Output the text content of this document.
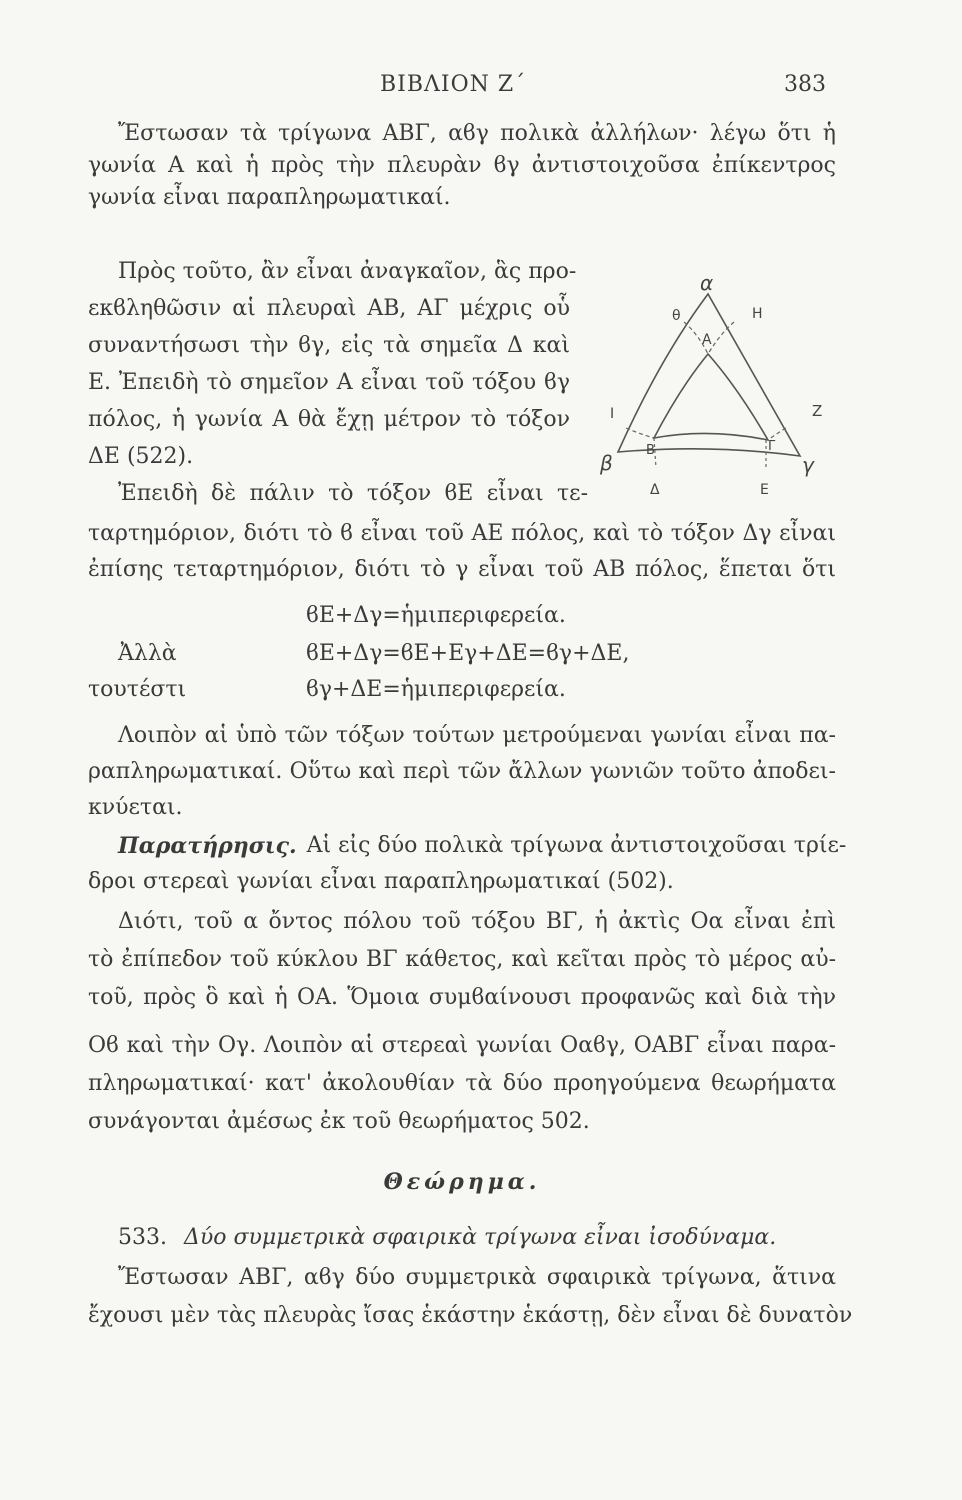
ΒΙΒΛΙΟΝ Ζ΄	383
Ἔστωσαν τὰ τρίγωνα ΑΒΓ, αϐγ πολικὰ ἀλλήλων· λέγω ὅτι ἡ
γωνία Α καὶ ἡ πρὸς τὴν πλευρὰν ϐγ ἀντιστοιχοῦσα ἐπίκεντρος
γωνία εἶναι παραπληρωματικαί.
Πρὸς τοῦτο, ἂν εἶναι ἀναγκαῖον, ἃς προ-
εκϐληθῶσιν αἱ πλευραὶ ΑΒ, ΑΓ μέχρις οὗ
συναντήσωσι τὴν ϐγ, εἰς τὰ σημεῖα Δ καὶ
Ε. Ἐπειδὴ τὸ σημεῖον Α εἶναι τοῦ τόξου ϐγ
πόλος, ἡ γωνία Α θὰ ἔχῃ μέτρον τὸ τόξον
ΔΕ (522).
α
θ	Η
Α
Ι	Ζ
Β	Γ
β	γ
Δ	Ε
Ἐπειδὴ δὲ πάλιν τὸ τόξον ϐΕ εἶναι τε-
ταρτημόριον, διότι τὸ ϐ εἶναι τοῦ ΑΕ πόλος, καὶ τὸ τόξον Δγ εἶναι
ἐπίσης τεταρτημόριον, διότι τὸ γ εἶναι τοῦ ΑΒ πόλος, ἕπεται ὅτι
ϐΕ+Δγ=ἡμιπεριφερεία.
Ἀλλὰ	ϐΕ+Δγ=ϐΕ+Εγ+ΔΕ=ϐγ+ΔΕ,
τουτέστι	ϐγ+ΔΕ=ἡμιπεριφερεία.
Λοιπὸν αἱ ὑπὸ τῶν τόξων τούτων μετρούμεναι γωνίαι εἶναι πα-
ραπληρωματικαί. Οὕτω καὶ περὶ τῶν ἄλλων γωνιῶν τοῦτο ἀποδει-
κνύεται.
Παρατήρησις. Αἱ εἰς δύο πολικὰ τρίγωνα ἀντιστοιχοῦσαι τρίε-
δροι στερεαὶ γωνίαι εἶναι παραπληρωματικαί (502).
Διότι, τοῦ α ὄντος πόλου τοῦ τόξου ΒΓ, ἡ ἀκτὶς Οα εἶναι ἐπὶ
τὸ ἐπίπεδον τοῦ κύκλου ΒΓ κάθετος, καὶ κεῖται πρὸς τὸ μέρος αὐ-
τοῦ, πρὸς ὃ καὶ ἡ ΟΑ. Ὅμοια συμϐαίνουσι προφανῶς καὶ διὰ τὴν
Οϐ καὶ τὴν Ογ. Λοιπὸν αἱ στερεαὶ γωνίαι Οαϐγ, ΟΑΒΓ εἶναι παρα-
πληρωματικαί· κατ' ἀκολουθίαν τὰ δύο προηγούμενα θεωρήματα
συνάγονται ἀμέσως ἐκ τοῦ θεωρήματος 502.
Θεώρημα.
533. Δύο συμμετρικὰ σφαιρικὰ τρίγωνα εἶναι ἰσοδύναμα.
Ἔστωσαν ΑΒΓ, αϐγ δύο συμμετρικὰ σφαιρικὰ τρίγωνα, ἅτινα
ἔχουσι μὲν τὰς πλευρὰς ἴσας ἑκάστην ἑκάστῃ, δὲν εἶναι δὲ δυνατὸν
